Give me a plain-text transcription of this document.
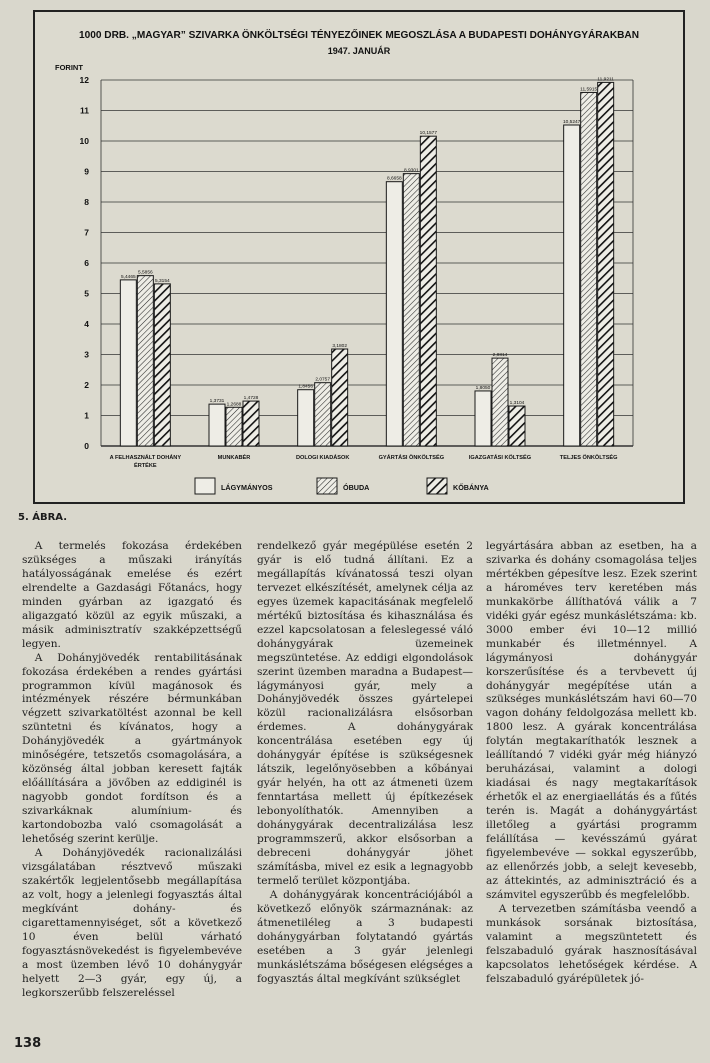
1000 DRB. „MAGYAR” SZIVARKA ÖNKÖLTSÉGI TÉNYEZŐINEK MEGOSZLÁSA A BUDAPESTI DOHÁNYGYÁRAKBAN
1947. JANUÁR
FORINT
0
1
2
3
4
5
6
7
8
9
10
11
12
5,4465
5,5856
5,3154
A FELHASZNÁLT DOHÁNY
ÉRTÉKE
1,3731
1,2688
1,4728
MUNKABÉR
1,8456
2,0757
3,1802
DOLOGI KIADÁSOK
8,6658
8,9301
10,1577
GYÁRTÁSI ÖNKÖLTSÉG
1,8050
2,8814
1,3104
IGAZGATÁSI KÖLTSÉG
10,5247
11,5915
11,9211
TELJES ÖNKÖLTSÉG
LÁGYMÁNYOS	ÓBUDA	KŐBÁNYA
5. ÁBRA.

A termelés fokozása érdekében szükséges a műszaki irányítás hatályosságának emelése és ezért elrendelte a Gazdasági Főtanács, hogy minden gyárban az igazgató és aligazgató közül az egyik műszaki, a másik adminisztratív szakképzettségű legyen.

A Dohányjövedék rentabilitásának fokozása érdekében a rendes gyártási programmon kívül magánosok és intézmények részére bérmunkában végzett szivarkatöltést azonnal be kell szüntetni és kívánatos, hogy a Dohányjövedék a gyártmányok minőségére, tetszetős csomagolására, a közönség által jobban keresett fajták előállítására a jövőben az eddiginél is nagyobb gondot fordítson és a szivarkáknak alumínium- és kartondobozba való csomagolását a lehetőség szerint kerülje.

A Dohányjövedék racionalizálási vizsgálatában résztvevő műszaki szakértők legjelentősebb megállapítása az volt, hogy a jelenlegi fogyasztás által megkívánt dohány- és cigarettamennyiséget, sőt a következő 10 éven belül várható fogyasztásnövekedést is figyelembevéve a most üzemben lévő 10 dohánygyár helyett 2—3 gyár, egy új, a legkorszerűbb felszereléssel

rendelkező gyár megépülése esetén 2 gyár is elő tudná állítani. Ez a megállapítás kívánatossá teszi olyan tervezet elkészítését, amelynek célja az egyes üzemek kapacitásának megfelelő mértékű biztosítása és kihasználása és ezzel kapcsolatosan a feleslegessé váló dohánygyárak üzemeinek megszüntetése. Az eddigi elgondolások szerint üzemben maradna a Budapest—lágymányosi gyár, mely a Dohányjövedék összes gyártelepei közül racionalizálásra elsősorban érdemes. A dohánygyárak koncentrálása esetében egy új dohánygyár építése is szükségesnek látszik, legelőnyösebben a kőbányai gyár helyén, ha ott az átmeneti üzem fenntartása mellett új építkezések lebonyolíthatók. Amennyiben a dohánygyárak decentralizálása lesz programmszerű, akkor elsősorban a debreceni dohánygyár jöhet számításba, mivel ez esik a legnagyobb termelő terület központjába.

A dohánygyárak koncentrációjából a következő előnyök származnának: az átmenetiléleg a 3 budapesti dohánygyárban folytatandó gyártás esetében a 3 gyár jelenlegi munkáslétszáma bőségesen elégséges a fogyasztás által megkívánt szükséglet

legyártására abban az esetben, ha a szivarka és dohány csomagolása teljes mértékben gépesítve lesz. Ezek szerint a hároméves terv keretében más munkakörbe állíthatóvá válik a 7 vidéki gyár egész munkáslétszáma: kb. 3000 ember évi 10—12 millió munkabér és illetménnyel. A lágymányosi dohánygyár korszerűsítése és a tervbevett új dohánygyár megépítése után a szükséges munkáslétszám havi 60—70 vagon dohány feldolgozása mellett kb. 1800 lesz. A gyárak koncentrálása folytán megtakaríthatók lesznek a leállítandó 7 vidéki gyár még hiányzó beruházásai, valamint a dologi kiadásai és nagy megtakarítások érhetők el az energiaellátás és a fűtés terén is. Magát a dohánygyártást illetőleg a gyártási programm felállítása — kevésszámú gyárat figyelembevéve — sokkal egyszerűbb, az ellenőrzés jobb, a selejt kevesebb, az áttekintés, az adminisztráció és a számvitel egyszerűbb és megfelelőbb.

A tervezetben számításba veendő a munkások sorsának biztosítása, valamint a megszüntetett és felszabaduló gyárak hasznosításával kapcsolatos lehetőségek kérdése. A felszabaduló gyárépületek jó-

138
